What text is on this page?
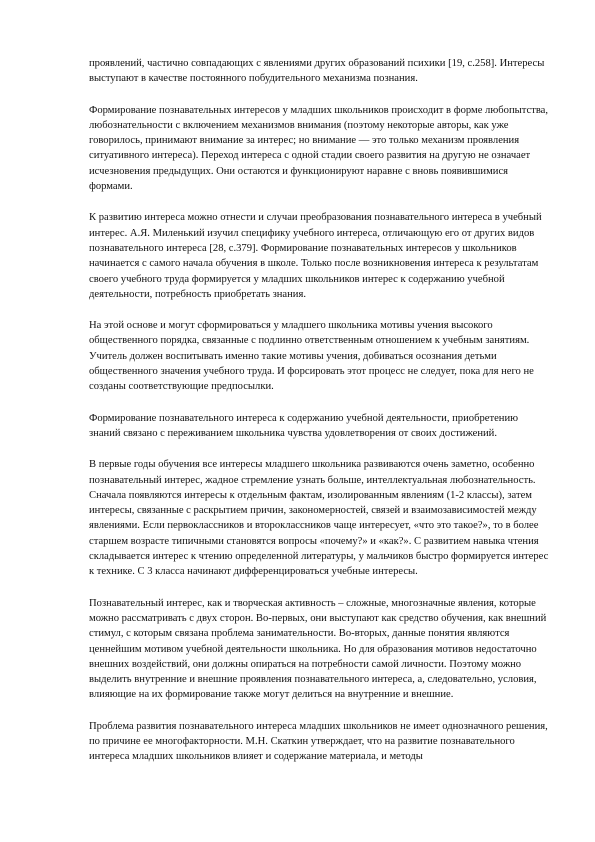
проявлений, частично совпадающих с явлениями других образований психики [19, с.258]. Интересы выступают в качестве постоянного побудительного механизма познания.

Формирование познавательных интересов у младших школьников происходит в форме любопытства, любознательности с включением механизмов внимания (поэтому некоторые авторы, как уже говорилось, принимают внимание за интерес; но внимание — это только механизм проявления ситуативного интереса). Переход интереса с одной стадии своего развития на другую не означает исчезновения предыдущих. Они остаются и функционируют наравне с вновь появившимися формами.

К развитию интереса можно отнести и случаи преобразования познавательного интереса в учебный интерес. А.Я. Миленький изучил специфику учебного интереса, отличающую его от других видов познавательного интереса [28, с.379]. Формирование познавательных интересов у школьников начинается с самого начала обучения в школе. Только после возникновения интереса к результатам своего учебного труда формируется у младших школьников интерес к содержанию учебной деятельности, потребность приобретать знания.

На этой основе и могут сформироваться у младшего школьника мотивы учения высокого общественного порядка, связанные с подлинно ответственным отношением к учебным занятиям. Учитель должен воспитывать именно такие мотивы учения, добиваться осознания детьми общественного значения учебного труда. И форсировать этот процесс не следует, пока для него не созданы соответствующие предпосылки.

Формирование познавательного интереса к содержанию учебной деятельности, приобретению знаний связано с переживанием школьника чувства удовлетворения от своих достижений.

В первые годы обучения все интересы младшего школьника развиваются очень заметно, особенно познавательный интерес, жадное стремление узнать больше, интеллектуальная любознательность. Сначала появляются интересы к отдельным фактам, изолированным явлениям (1-2 классы), затем интересы, связанные с раскрытием причин, закономерностей, связей и взаимозависимостей между явлениями. Если первоклассников и второклассников чаще интересует, «что это такое?», то в более старшем возрасте типичными становятся вопросы «почему?» и «как?». С развитием навыка чтения складывается интерес к чтению определенной литературы, у мальчиков быстро формируется интерес к технике. С 3 класса начинают дифференцироваться учебные интересы.

Познавательный интерес, как и творческая активность – сложные, многозначные явления, которые можно рассматривать с двух сторон. Во-первых, они выступают как средство обучения, как внешний стимул, с которым связана проблема занимательности. Во-вторых, данные понятия являются ценнейшим мотивом учебной деятельности школьника. Но для образования мотивов недостаточно внешних воздействий, они должны опираться на потребности самой личности. Поэтому можно выделить внутренние и внешние проявления познавательного интереса, а, следовательно, условия, влияющие на их формирование также могут делиться на внутренние и внешние.

Проблема развития познавательного интереса младших школьников не имеет однозначного решения, по причине ее многофакторности. М.Н. Скаткин утверждает, что на развитие познавательного интереса младших школьников влияет и содержание материала, и методы
